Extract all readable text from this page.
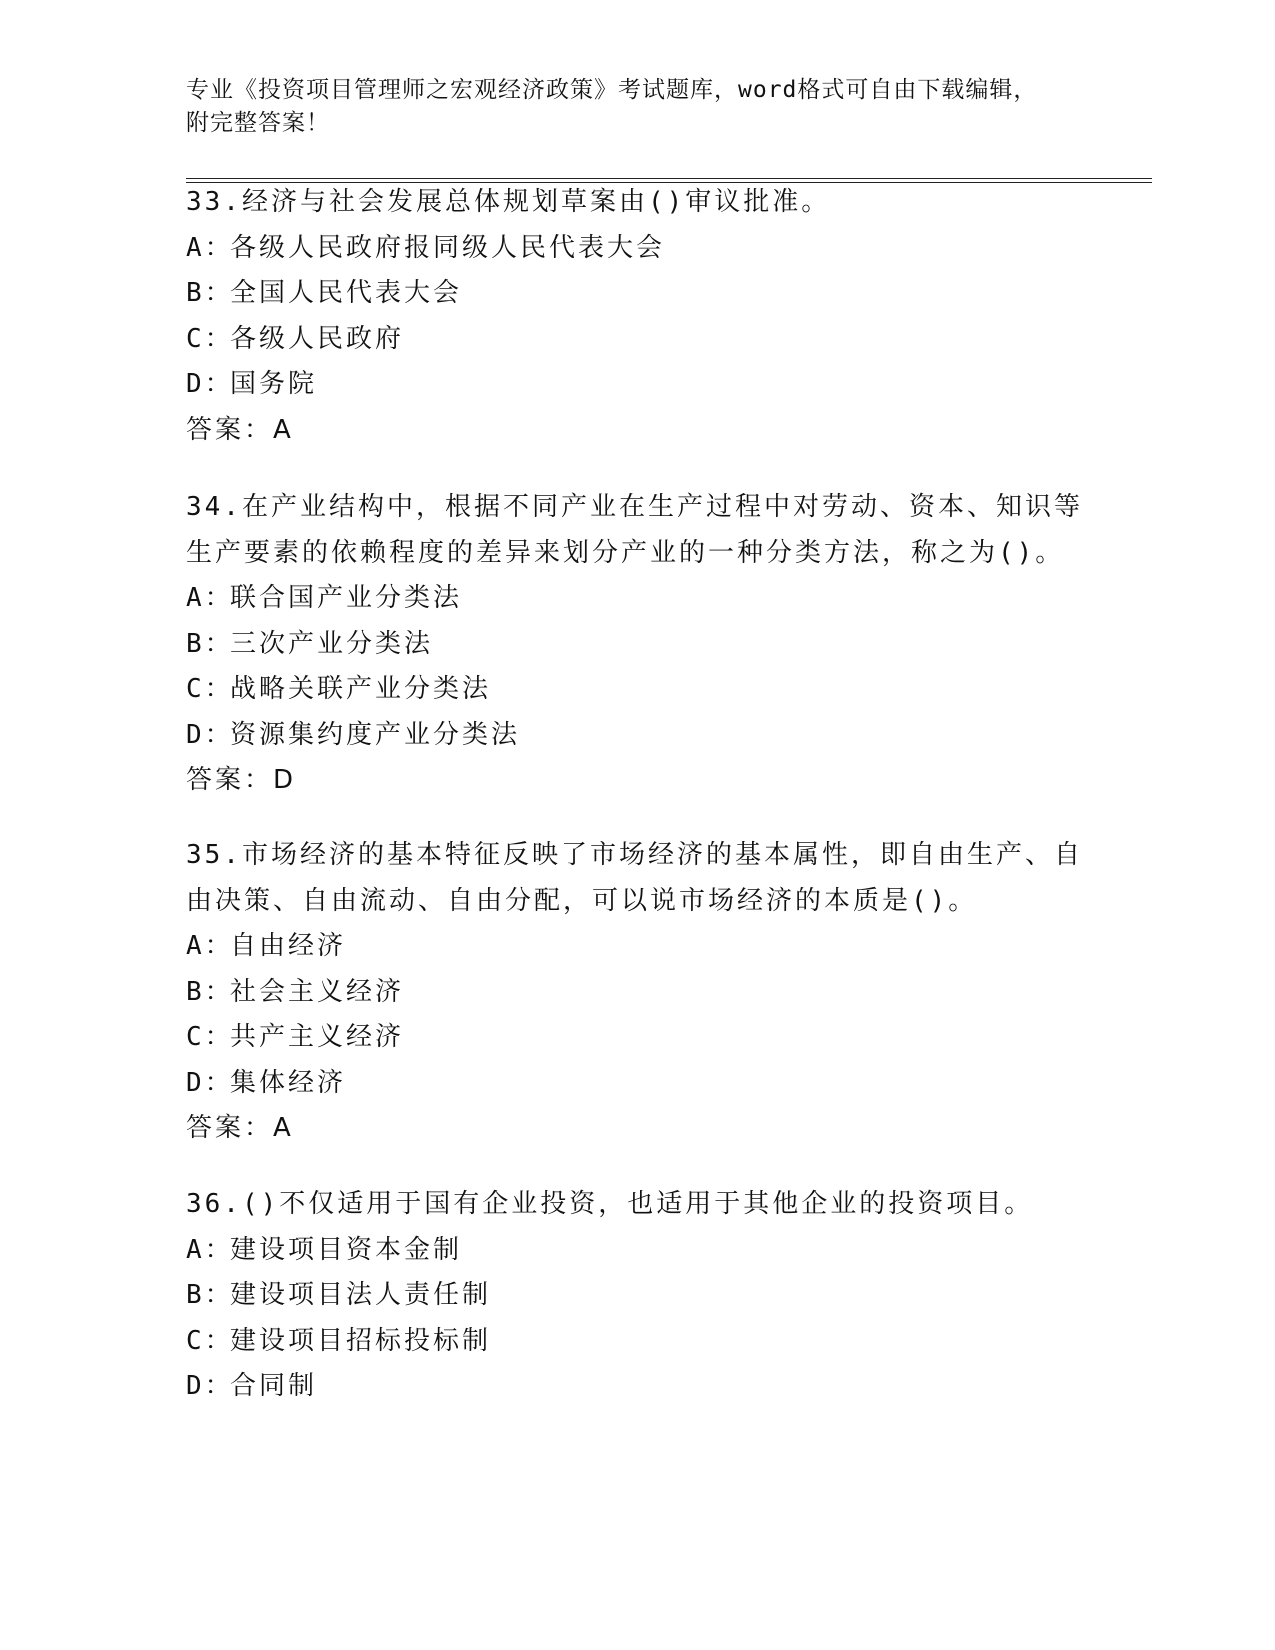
专业《投资项目管理师之宏观经济政策》考试题库，word格式可自由下载编辑，
附完整答案！
33.经济与社会发展总体规划草案由()审议批准。
A：各级人民政府报同级人民代表大会
B：全国人民代表大会
C：各级人民政府
D：国务院
答案：A
34.在产业结构中，根据不同产业在生产过程中对劳动、资本、知识等
生产要素的依赖程度的差异来划分产业的一种分类方法，称之为()。
A：联合国产业分类法
B：三次产业分类法
C：战略关联产业分类法
D：资源集约度产业分类法
答案：D
35.市场经济的基本特征反映了市场经济的基本属性，即自由生产、自
由决策、自由流动、自由分配，可以说市场经济的本质是()。
A：自由经济
B：社会主义经济
C：共产主义经济
D：集体经济
答案：A
36.()不仅适用于国有企业投资，也适用于其他企业的投资项目。
A：建设项目资本金制
B：建设项目法人责任制
C：建设项目招标投标制
D：合同制
